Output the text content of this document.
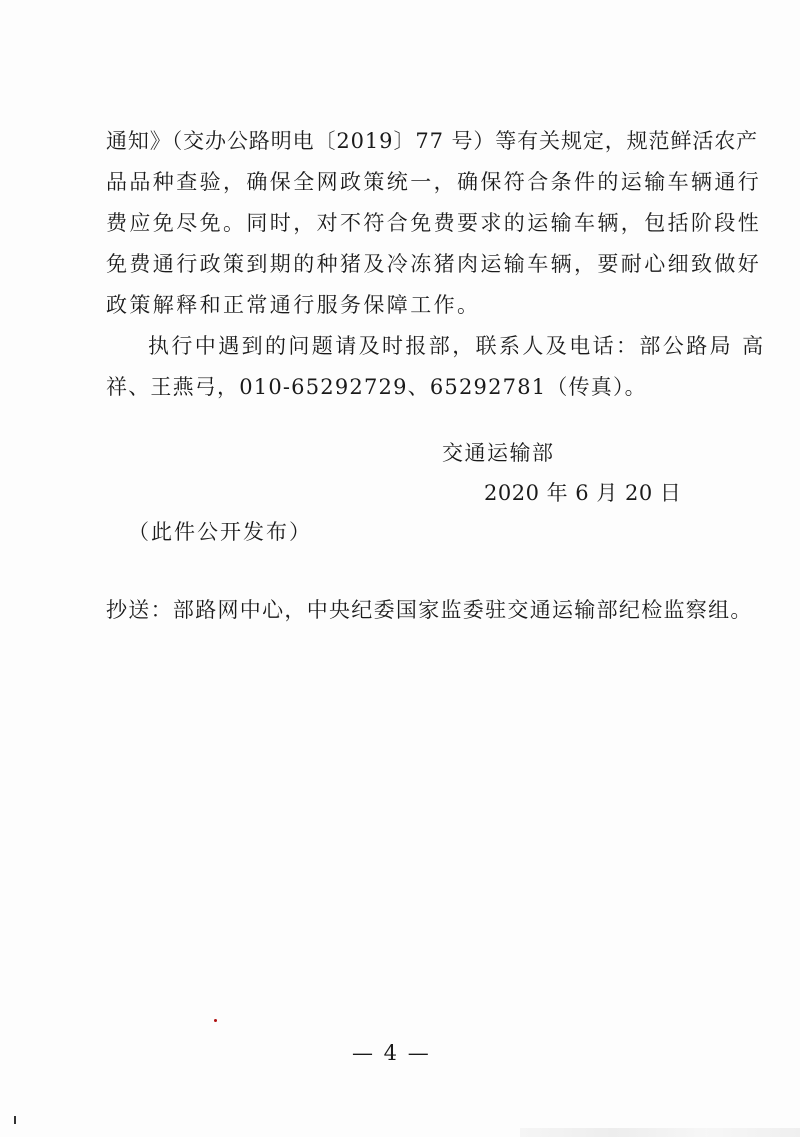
通知》（交办公路明电〔2019〕77 号）等有关规定，规范鲜活农产
品品种查验，确保全网政策统一，确保符合条件的运输车辆通行
费应免尽免。同时，对不符合免费要求的运输车辆，包括阶段性
免费通行政策到期的种猪及冷冻猪肉运输车辆，要耐心细致做好
政策解释和正常通行服务保障工作。
执行中遇到的问题请及时报部，联系人及电话：部公路局 高
祥、王燕弓，010-65292729、65292781（传真）。
交通运输部
2020 年 6 月 20 日
（此件公开发布）
抄送：部路网中心，中央纪委国家监委驻交通运输部纪检监察组。
— 4 —
